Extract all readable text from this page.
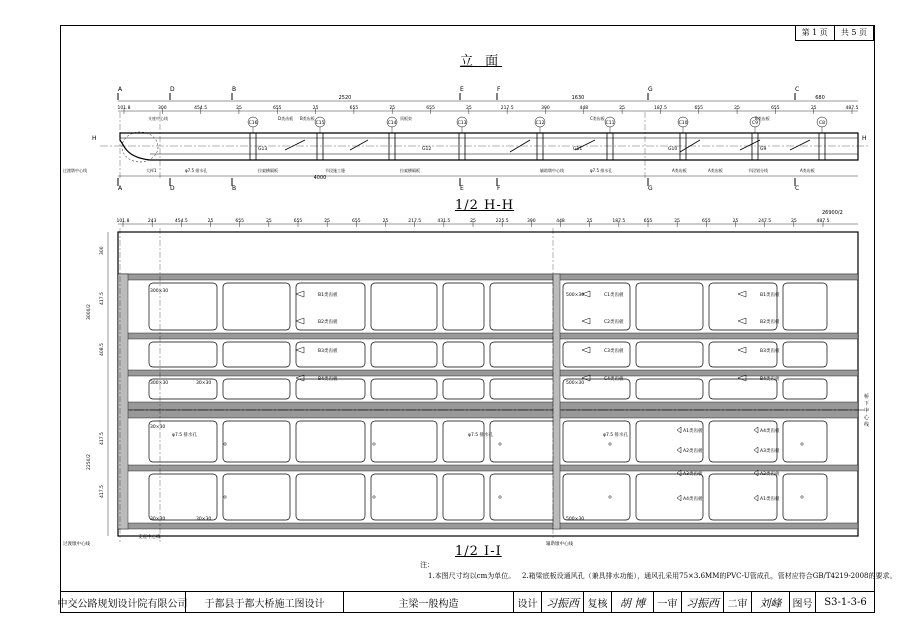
第 1 页	共 5 页
立 面
1/2 H-H
1/2 I-I
A
A
D
D
B
B
E
E
F
F
G
G
C
C
2520	1630	680
101.8	300	454.5	25	655	25	655	25	655	25	217.5	390	448	25	187.5	655	25	655	25	487.5
H	H
C16	C15	C14	C13	C12	C11	C10	C9	C8
G13	G12	G11	G10	G9
支座中心线	D类齿板	顶板束	C类齿板
B类齿板	B类齿板
过渡墩中心线	大样1	φ7.5 排水孔	拉索横隔板	节段施工缝	拉索横隔板	辅助墩中心线	φ7.5 排水孔	A类齿板	A类齿板	节段划分线	A类齿板
4000
101.8	243	454.5	25	655	25	655	25	655	25	217.5	431.5	25	225.5	390	448	25	187.5	655	25	655	25	247.5	25	487.5
26900/2
300
417.5
408.5
3000/2
417.5
2250/2
417.5
300×30
300×30	30×30
30×30
30×30
30×30
500×30
500×30
500×30
B1类齿板
B2类齿板
B3类齿板
B4类齿板
C1类齿板
C2类齿板
C3类齿板
C4类齿板
B1类齿板
B2类齿板
B3类齿板
B4类齿板
A1类齿板
A2类齿板
A3类齿板
A4类齿板
A4类齿板
A3类齿板
A2类齿板
A1类齿板
φ7.5 排水孔	φ7.5 排水孔	φ7.5 排水孔
桥
下
中
心
线
过渡墩中心线
支座中心线
辅助墩中心线
注：
1.本图尺寸均以cm为单位。 2.箱梁底板设通风孔（兼具排水功能），通风孔采用75×3.6MM的PVC-U管成孔，管材应符合GB/T4219-2008的要求。
中交公路规划设计院有限公司	于都县于都大桥施工图设计	主梁一般构造	设计 习振西 复核	胡 博	一审 习振西 二审	刘峰	图号	S3-1-3-6
